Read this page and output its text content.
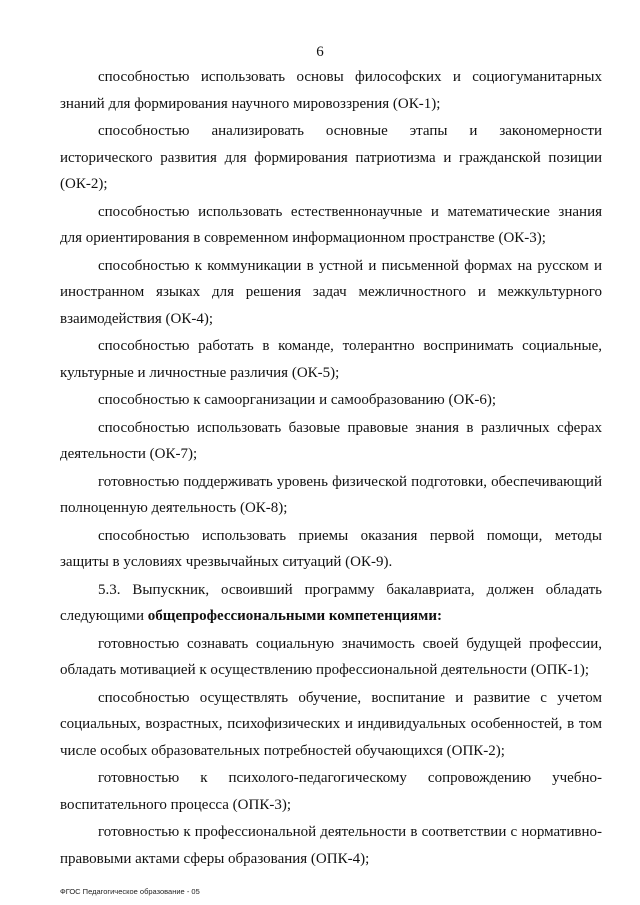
6

способностью использовать основы философских и социогуманитарных знаний для формирования научного мировоззрения (ОК-1);

способностью анализировать основные этапы и закономерности исторического развития для формирования патриотизма и гражданской позиции (ОК-2);

способностью использовать естественнонаучные и математические знания для ориентирования в современном информационном пространстве (ОК-3);

способностью к коммуникации в устной и письменной формах на русском и иностранном языках для решения задач межличностного и межкультурного взаимодействия (ОК-4);

способностью работать в команде, толерантно воспринимать социальные, культурные и личностные различия (ОК-5);

способностью к самоорганизации и самообразованию (ОК-6);

способностью использовать базовые правовые знания в различных сферах деятельности (ОК-7);

готовностью поддерживать уровень физической подготовки, обеспечивающий полноценную деятельность (ОК-8);

способностью использовать приемы оказания первой помощи, методы защиты в условиях чрезвычайных ситуаций (ОК-9).

5.3. Выпускник, освоивший программу бакалавриата, должен обладать следующими общепрофессиональными компетенциями:

готовностью сознавать социальную значимость своей будущей профессии, обладать мотивацией к осуществлению профессиональной деятельности (ОПК-1);

способностью осуществлять обучение, воспитание и развитие с учетом социальных, возрастных, психофизических и индивидуальных особенностей, в том числе особых образовательных потребностей обучающихся (ОПК-2);

готовностью к психолого-педагогическому сопровождению учебно-воспитательного процесса (ОПК-3);

готовностью к профессиональной деятельности в соответствии с нормативно-правовыми актами сферы образования (ОПК-4);

ФГОС Педагогическое образование - 05
